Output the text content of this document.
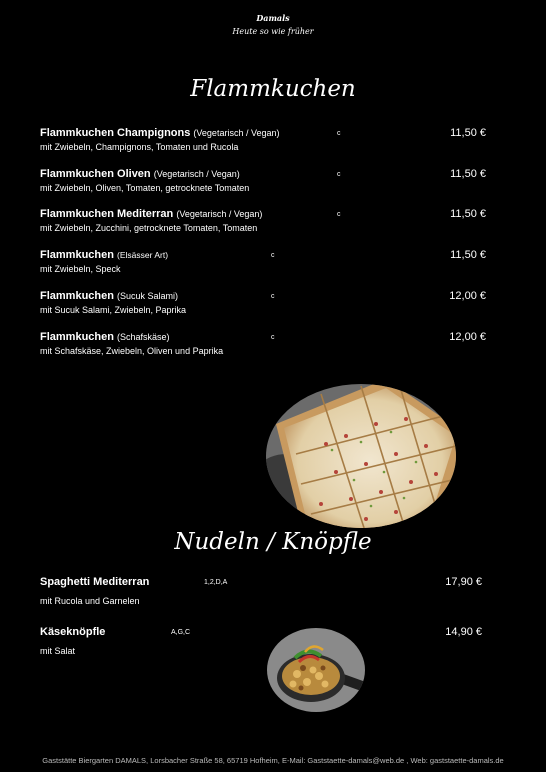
Damals
Heute so wie früher
Flammkuchen
Flammkuchen Champignons (Vegetarisch / Vegan)	c	11,50 €
mit Zwiebeln, Champignons, Tomaten und Rucola
Flammkuchen Oliven (Vegetarisch / Vegan)	c	11,50 €
mit Zwiebeln, Oliven, Tomaten, getrocknete Tomaten
Flammkuchen Mediterran (Vegetarisch / Vegan)	c	11,50 €
mit Zwiebeln, Zucchini, getrocknete Tomaten, Tomaten
Flammkuchen (Elsässer Art)	c	11,50 €
mit Zwiebeln, Speck
Flammkuchen (Sucuk Salami)	c	12,00 €
mit Sucuk Salami, Zwiebeln, Paprika
Flammkuchen (Schafskäse)	c	12,00 €
mit Schafskäse, Zwiebeln, Oliven und Paprika
Nudeln / Knöpfle
Spaghetti Mediterran	1,2,D,A	17,90 €
mit Rucola und Garnelen
Käseknöpfle	A,G,C	14,90 €
mit Salat
Gaststätte Biergarten DAMALS, Lorsbacher Straße 58, 65719 Hofheim, E-Mail: Gaststaette-damals@web.de , Web: gaststaette-damals.de
